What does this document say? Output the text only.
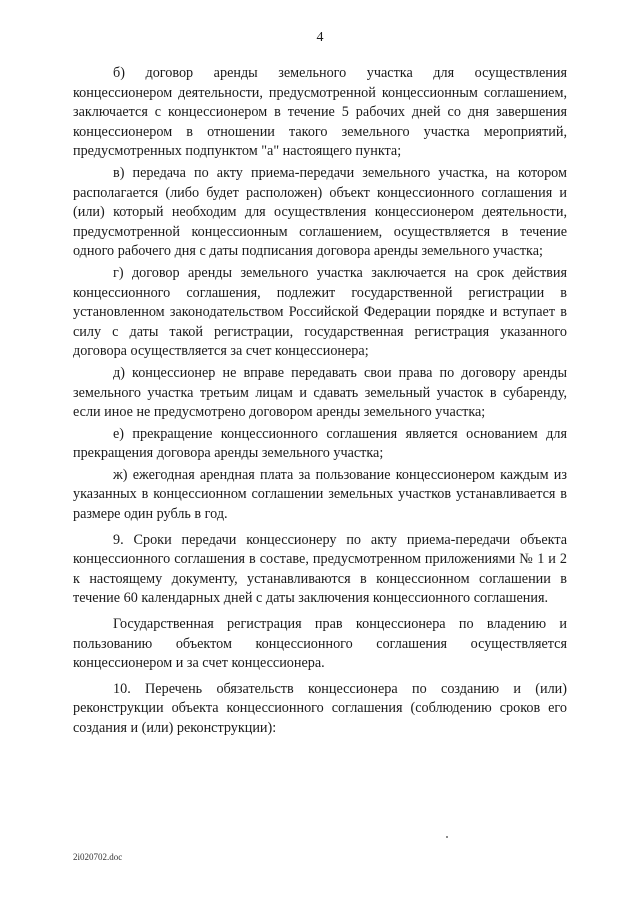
4

б) договор аренды земельного участка для осуществления концессионером деятельности, предусмотренной концессионным соглашением, заключается с концессионером в течение 5 рабочих дней со дня завершения концессионером в отношении такого земельного участка мероприятий, предусмотренных подпунктом "а" настоящего пункта;

в) передача по акту приема-передачи земельного участка, на котором располагается (либо будет расположен) объект концессионного соглашения и (или) который необходим для осуществления концессионером деятельности, предусмотренной концессионным соглашением, осуществляется в течение одного рабочего дня с даты подписания договора аренды земельного участка;

г) договор аренды земельного участка заключается на срок действия концессионного соглашения, подлежит государственной регистрации в установленном законодательством Российской Федерации порядке и вступает в силу с даты такой регистрации, государственная регистрация указанного договора осуществляется за счет концессионера;

д) концессионер не вправе передавать свои права по договору аренды земельного участка третьим лицам и сдавать земельный участок в субаренду, если иное не предусмотрено договором аренды земельного участка;

е) прекращение концессионного соглашения является основанием для прекращения договора аренды земельного участка;

ж) ежегодная арендная плата за пользование концессионером каждым из указанных в концессионном соглашении земельных участков устанавливается в размере один рубль в год.

9. Сроки передачи концессионеру по акту приема-передачи объекта концессионного соглашения в составе, предусмотренном приложениями № 1 и 2 к настоящему документу, устанавливаются в концессионном соглашении в течение 60 календарных дней с даты заключения концессионного соглашения.

Государственная регистрация прав концессионера по владению и пользованию объектом концессионного соглашения осуществляется концессионером и за счет концессионера.

10. Перечень обязательств концессионера по созданию и (или) реконструкции объекта концессионного соглашения (соблюдению сроков его создания и (или) реконструкции):

2i020702.doc
